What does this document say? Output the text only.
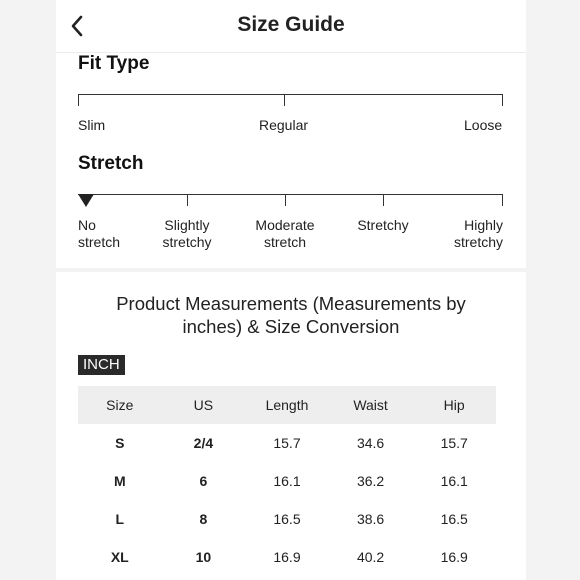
Size Guide
Fit Type
Slim	Regular	Loose
Stretch
No
stretch
Slightly
stretchy
Moderate
stretch
Stretchy	Highly
stretchy
Product Measurements (Measurements by inches) & Size Conversion
INCH
Size	US	Length	Waist	Hip
S	2/4	15.7	34.6	15.7
M	6	16.1	36.2	16.1
L	8	16.5	38.6	16.5
XL	10	16.9	40.2	16.9
